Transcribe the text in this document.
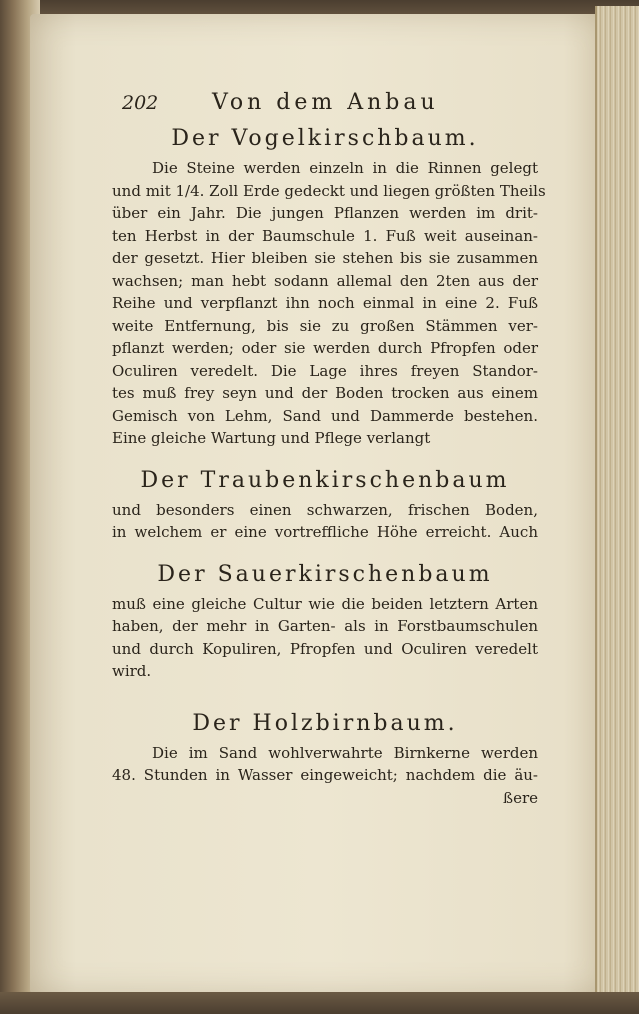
202 Von dem Anbau
Der Vogelkirschbaum.

Die Steine werden einzeln in die Rinnen gelegt
und mit 1/4. Zoll Erde gedeckt und liegen größten Theils
über ein Jahr. Die jungen Pflanzen werden im drit-
ten Herbst in der Baumschule 1. Fuß weit auseinan-
der gesetzt. Hier bleiben sie stehen bis sie zusammen
wachsen; man hebt sodann allemal den 2ten aus der
Reihe und verpflanzt ihn noch einmal in eine 2. Fuß
weite Entfernung, bis sie zu großen Stämmen ver-
pflanzt werden; oder sie werden durch Pfropfen oder
Oculiren veredelt. Die Lage ihres freyen Standor-
tes muß frey seyn und der Boden trocken aus einem
Gemisch von Lehm, Sand und Dammerde bestehen.
Eine gleiche Wartung und Pflege verlangt

Der Traubenkirschenbaum

und besonders einen schwarzen, frischen Boden,
in welchem er eine vortreffliche Höhe erreicht. Auch

Der Sauerkirschenbaum

muß eine gleiche Cultur wie die beiden letztern Arten
haben, der mehr in Garten- als in Forstbaumschulen
und durch Kopuliren, Pfropfen und Oculiren veredelt
wird.

Der Holzbirnbaum.

Die im Sand wohlverwahrte Birnkerne werden
48. Stunden in Wasser eingeweicht; nachdem die äu-

ßere
